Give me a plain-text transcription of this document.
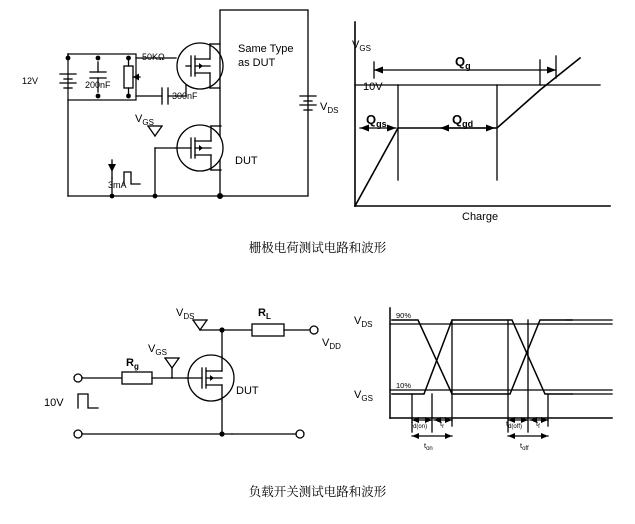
12V	200nF
50KΩ
300nF
3mA
Same Type
as DUT
DUT
$V_{GS}$
$V_{DS}$
$V_{GS}$
10V
Charge
$Q_g$
$Q_{gs}$	$Q_{gd}$
栅极电荷测试电路和波形
10V
$R_g$
$R_L$
$V_{DD}$
$V_{DS}$
$V_{GS}$
DUT
$V_{DS}$
$V_{GS}$
90%
10%
$t_{d(on)}$ $t_r$
$t_{on}$
$t_{d(off)}$ $t_f$
$t_{off}$
负载开关测试电路和波形
